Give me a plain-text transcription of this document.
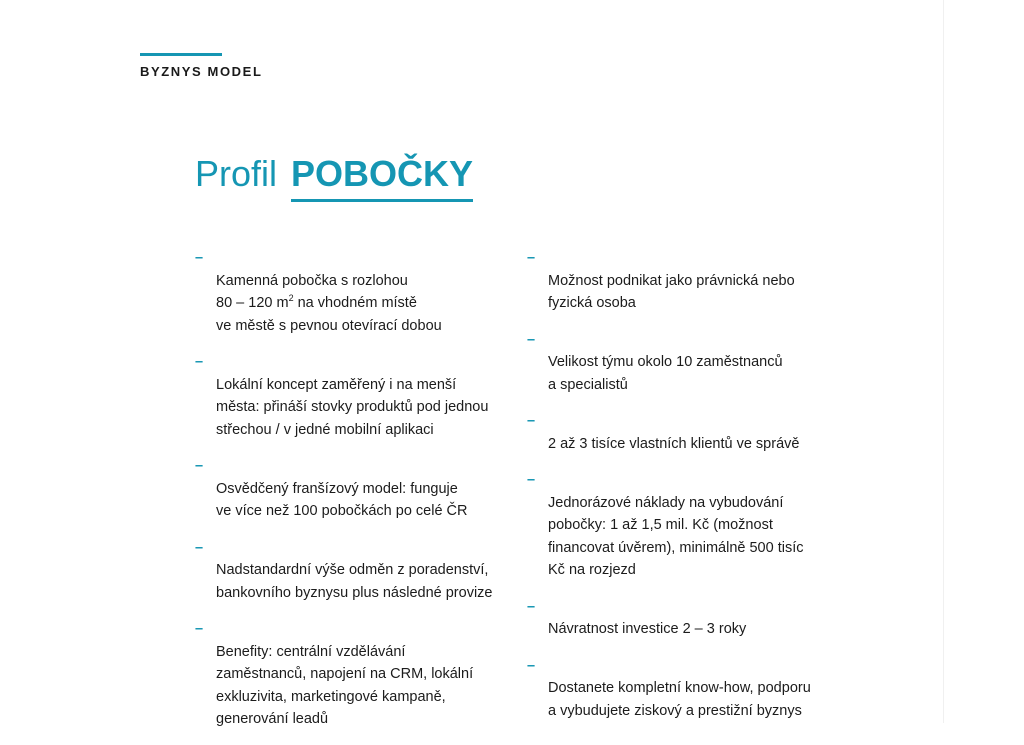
BYZNYS MODEL
Profil POBOČKY

–
Kamenná pobočka s rozlohou
80 – 120 $m^2$ na vhodném místě
ve městě s pevnou otevírací dobou

–
Lokální koncept zaměřený i na menší
města: přináší stovky produktů pod jednou
střechou / v jedné mobilní aplikaci

–
Osvědčený franšízový model: funguje
ve více než 100 pobočkách po celé ČR

–
Nadstandardní výše odměn z poradenství,
bankovního byznysu plus následné provize

–
Benefity: centrální vzdělávání
zaměstnanců, napojení na CRM, lokální
exkluzivita, marketingové kampaně,
generování leadů

–
Možnost podnikat jako právnická nebo
fyzická osoba

–
Velikost týmu okolo 10 zaměstnanců
a specialistů

–
2 až 3 tisíce vlastních klientů ve správě

–
Jednorázové náklady na vybudování
pobočky: 1 až 1,5 mil. Kč (možnost
financovat úvěrem), minimálně 500 tisíc
Kč na rozjezd

–
Návratnost investice 2 – 3 roky

–
Dostanete kompletní know-how, podporu
a vybudujete ziskový a prestižní byznys
